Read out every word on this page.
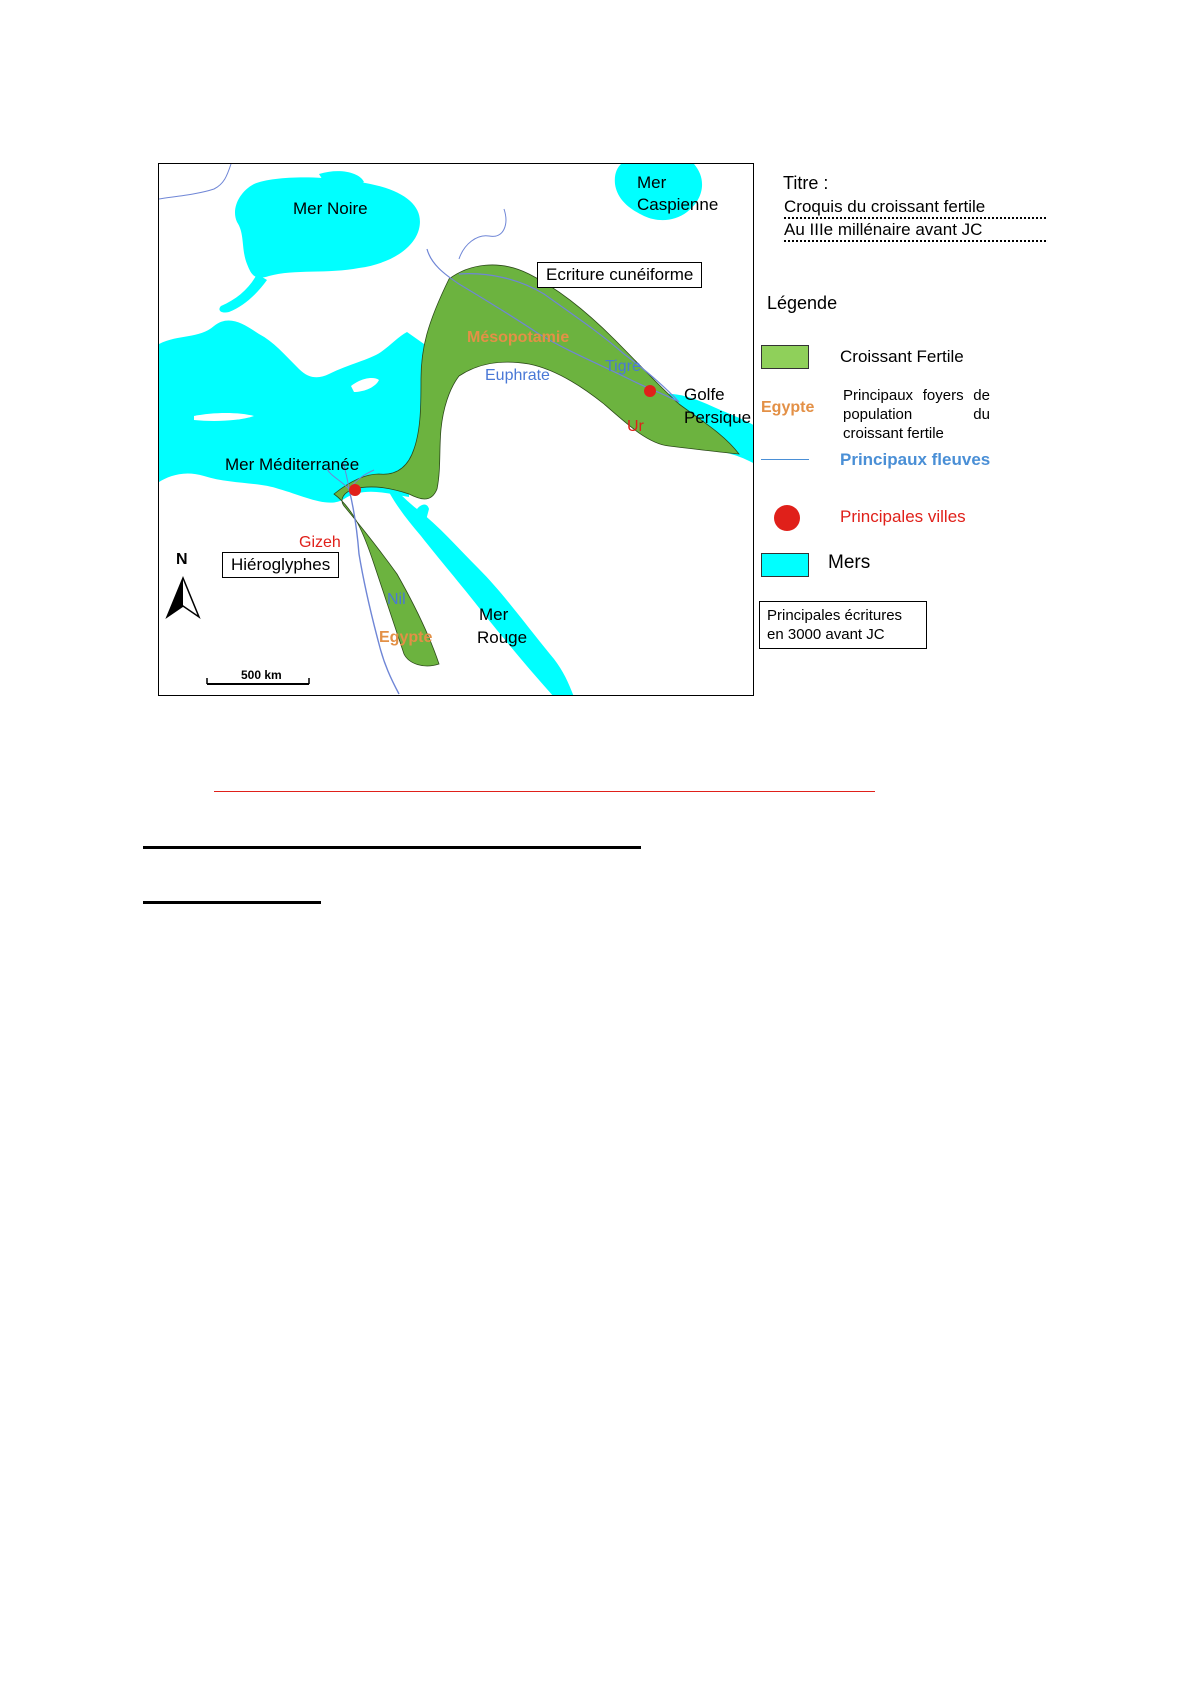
Mer Noire
Mer
Caspienne
Mer Méditerranée
Mer
Rouge
Golfe
Persique
Mésopotamie
Egypte
Euphrate
Tigre
Nil
Ur
Gizeh
Ecriture cunéiforme
Hiéroglyphes
N
500 km
Titre :
Croquis du croissant fertile
Au IIIe millénaire avant JC
Légende
Croissant Fertile
Egypte
Principaux foyers de population du croissant fertile
Principaux fleuves
Principales villes
Mers
Principales écritures en 3000 avant JC
